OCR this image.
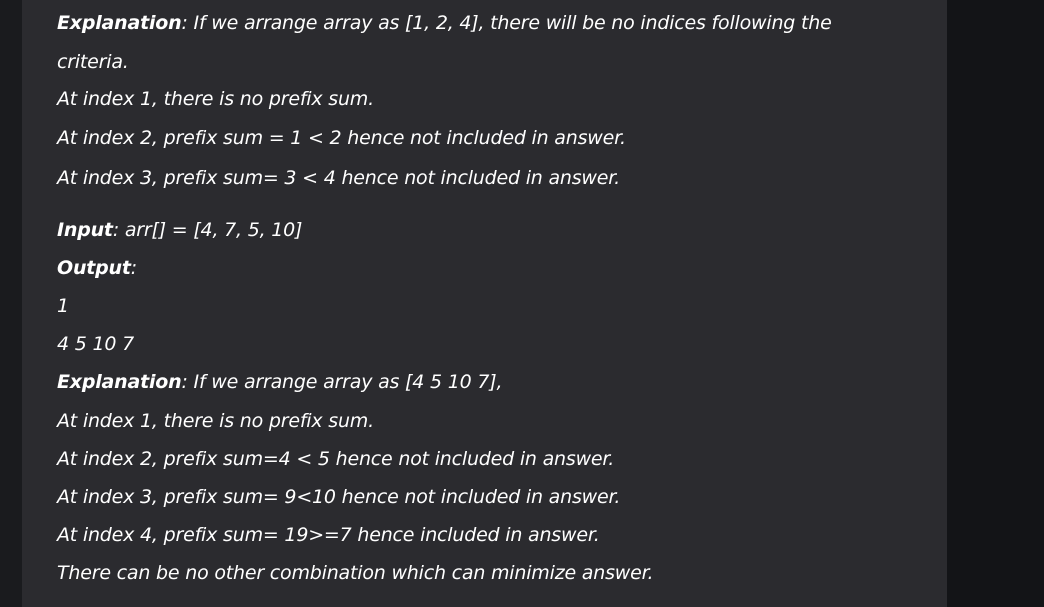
Explanation: If we arrange array as [1, 2, 4], there will be no indices following the
criteria.
At index 1, there is no prefix sum.
At index 2, prefix sum = 1 < 2 hence not included in answer.
At index 3, prefix sum= 3 < 4 hence not included in answer.
Input: arr[] = [4, 7, 5, 10]
Output:
1
4 5 10 7
Explanation: If we arrange array as [4 5 10 7],
At index 1, there is no prefix sum.
At index 2, prefix sum=4 < 5 hence not included in answer.
At index 3, prefix sum= 9<10 hence not included in answer.
At index 4, prefix sum= 19>=7 hence included in answer.
There can be no other combination which can minimize answer.
